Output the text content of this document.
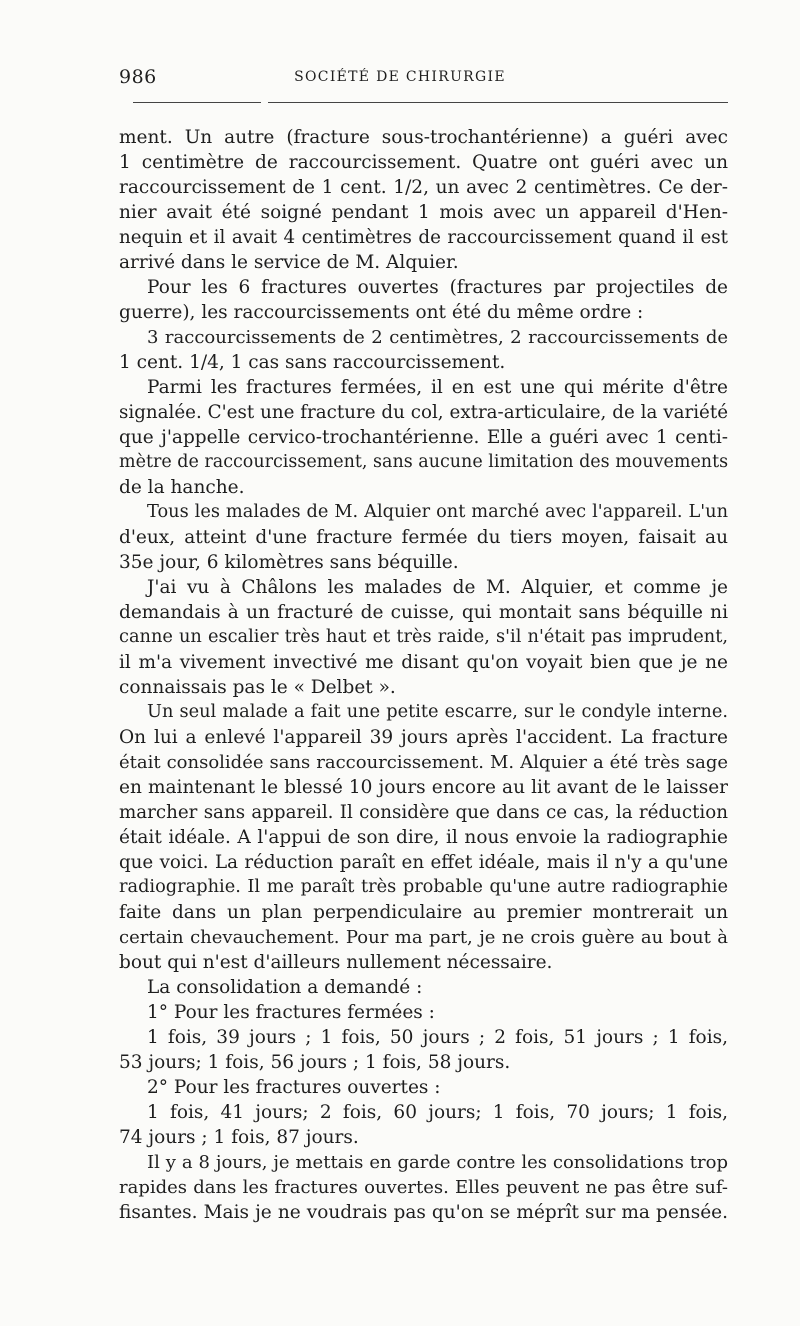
986	SOCIÉTÉ DE CHIRURGIE

ment. Un autre (fracture sous-trochantérienne) a guéri avec

1 centimètre de raccourcissement. Quatre ont guéri avec un

raccourcissement de 1 cent. 1/2, un avec 2 centimètres. Ce der-

nier avait été soigné pendant 1 mois avec un appareil d'Hen-

nequin et il avait 4 centimètres de raccourcissement quand il est

arrivé dans le service de M. Alquier.

Pour les 6 fractures ouvertes (fractures par projectiles de

guerre), les raccourcissements ont été du même ordre :

3 raccourcissements de 2 centimètres, 2 raccourcissements de

1 cent. 1/4, 1 cas sans raccourcissement.

Parmi les fractures fermées, il en est une qui mérite d'être

signalée. C'est une fracture du col, extra-articulaire, de la variété

que j'appelle cervico-trochantérienne. Elle a guéri avec 1 centi-

mètre de raccourcissement, sans aucune limitation des mouvements

de la hanche.

Tous les malades de M. Alquier ont marché avec l'appareil. L'un

d'eux, atteint d'une fracture fermée du tiers moyen, faisait au

35e jour, 6 kilomètres sans béquille.

J'ai vu à Châlons les malades de M. Alquier, et comme je

demandais à un fracturé de cuisse, qui montait sans béquille ni

canne un escalier très haut et très raide, s'il n'était pas imprudent,

il m'a vivement invectivé me disant qu'on voyait bien que je ne

connaissais pas le « Delbet ».

Un seul malade a fait une petite escarre, sur le condyle interne.

On lui a enlevé l'appareil 39 jours après l'accident. La fracture

était consolidée sans raccourcissement. M. Alquier a été très sage

en maintenant le blessé 10 jours encore au lit avant de le laisser

marcher sans appareil. Il considère que dans ce cas, la réduction

était idéale. A l'appui de son dire, il nous envoie la radiographie

que voici. La réduction paraît en effet idéale, mais il n'y a qu'une

radiographie. Il me paraît très probable qu'une autre radiographie

faite dans un plan perpendiculaire au premier montrerait un

certain chevauchement. Pour ma part, je ne crois guère au bout à

bout qui n'est d'ailleurs nullement nécessaire.

La consolidation a demandé :

1° Pour les fractures fermées :

1 fois, 39 jours ; 1 fois, 50 jours ; 2 fois, 51 jours ; 1 fois,

53 jours; 1 fois, 56 jours ; 1 fois, 58 jours.

2° Pour les fractures ouvertes :

1 fois, 41 jours; 2 fois, 60 jours; 1 fois, 70 jours; 1 fois,

74 jours ; 1 fois, 87 jours.

Il y a 8 jours, je mettais en garde contre les consolidations trop

rapides dans les fractures ouvertes. Elles peuvent ne pas être suf-

fisantes. Mais je ne voudrais pas qu'on se méprît sur ma pensée.
